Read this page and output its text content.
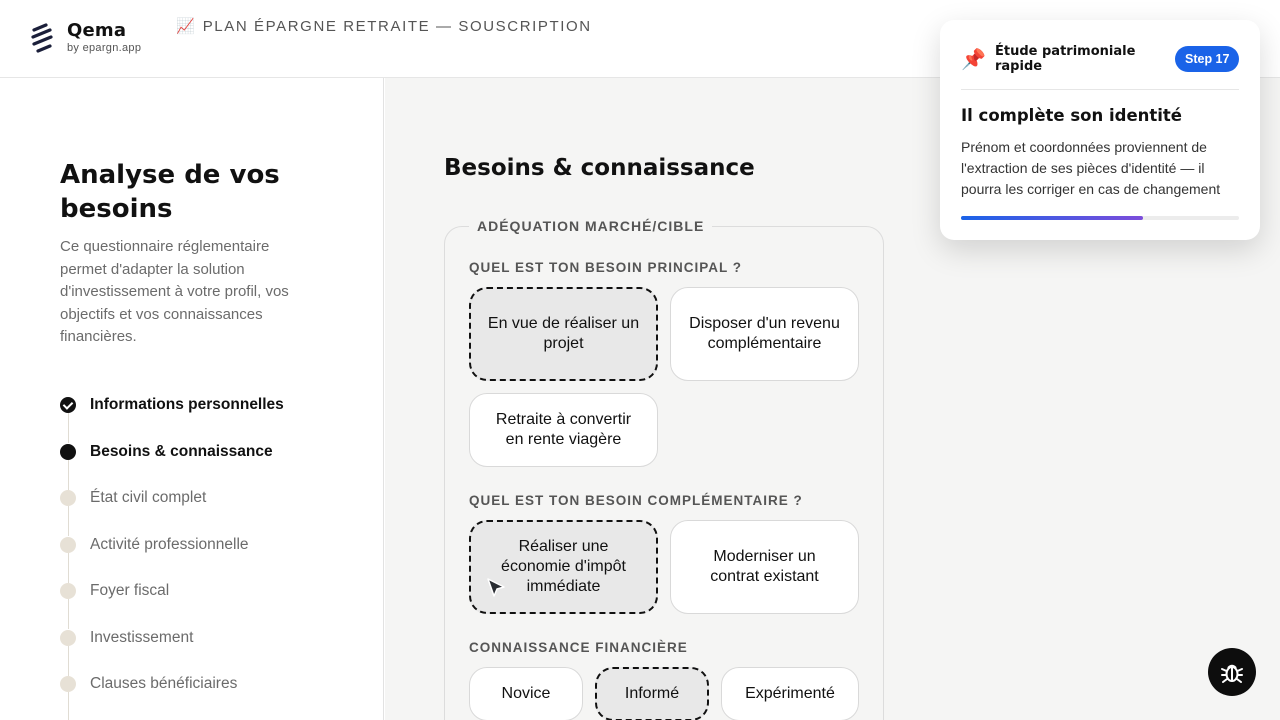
Qema
by epargn.app
📈 PLAN ÉPARGNE RETRAITE — SOUSCRIPTION
Analyse de vos besoins

Ce questionnaire réglementaire permet d'adapter la solution d'investissement à votre profil, vos objectifs et vos connaissances financières.

Informations personnelles
Besoins & connaissance
État civil complet
Activité professionnelle
Foyer fiscal
Investissement
Clauses bénéficiaires
Besoins & connaissance
ADÉQUATION MARCHÉ/CIBLE
QUEL EST TON BESOIN PRINCIPAL ?
En vue de réaliser un projet
Disposer d'un revenu complémentaire
Retraite à convertir en rente viagère
QUEL EST TON BESOIN COMPLÉMENTAIRE ?
Réaliser une économie d'impôt immédiate
Moderniser un contrat existant
CONNAISSANCE FINANCIÈRE
Novice	Informé	Expérimenté
📌 Étude patrimoniale rapide	Step 17
Il complète son identité

Prénom et coordonnées proviennent de l'extraction de ses pièces d'identité — il pourra les corriger en cas de changement
